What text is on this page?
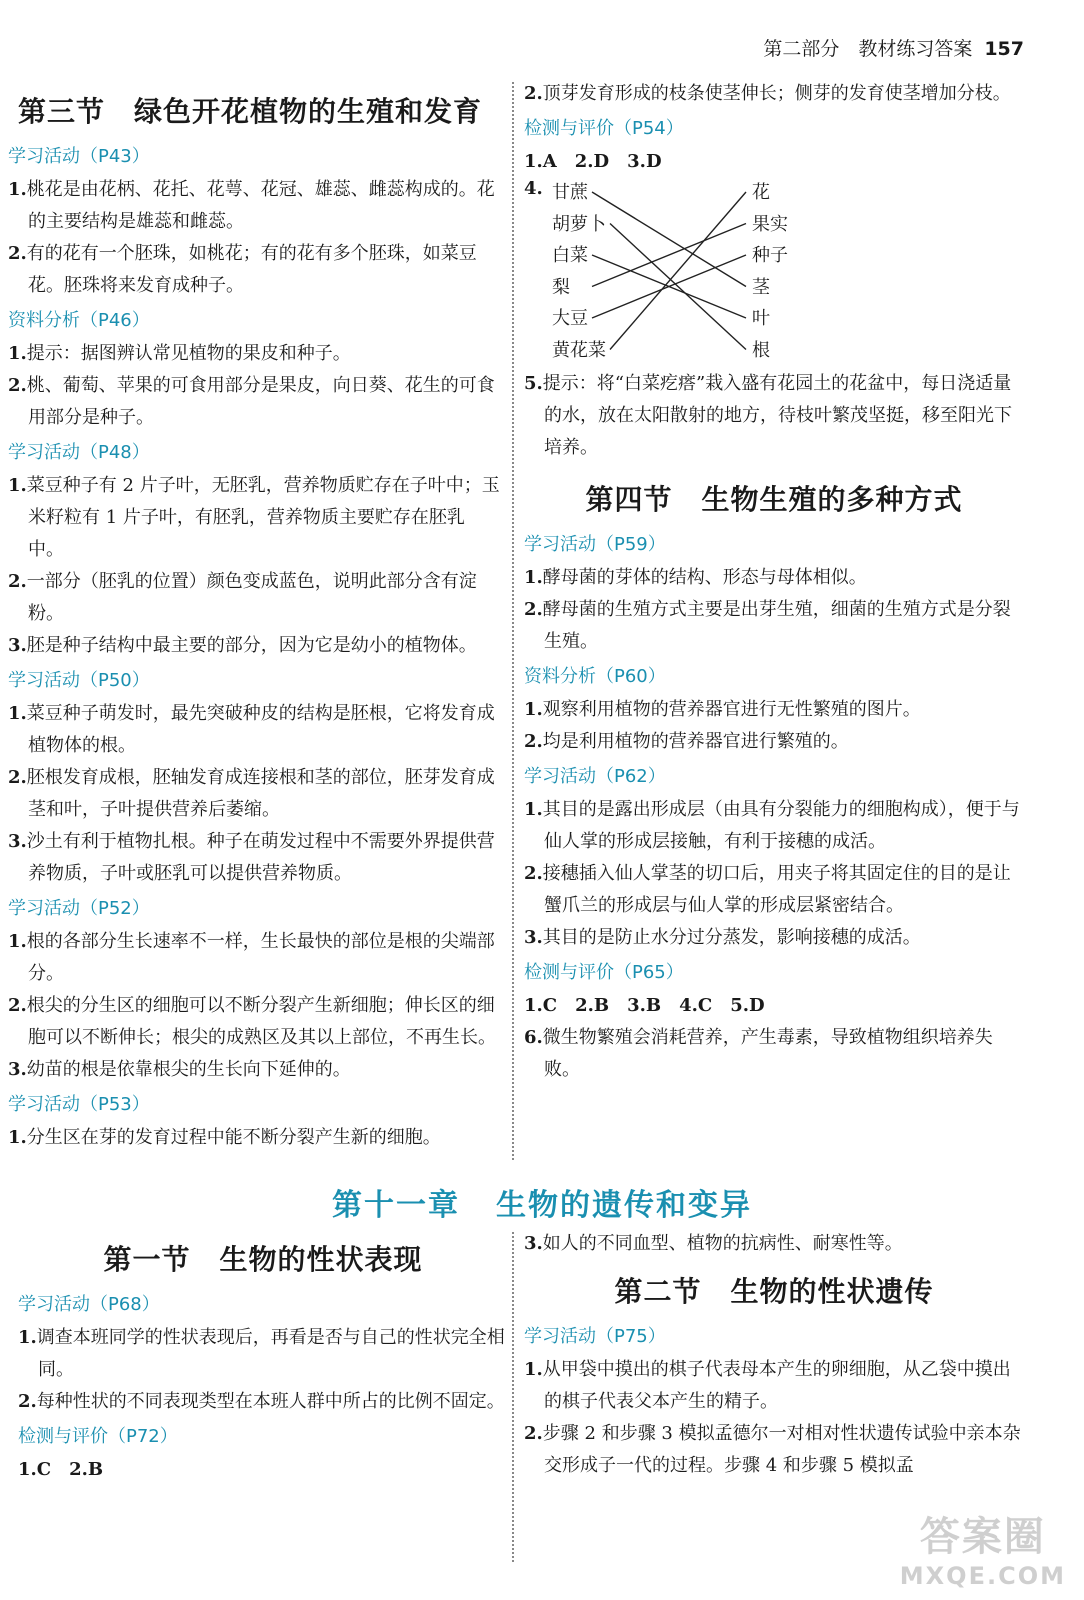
第二部分　教材练习答案 157
第三节　绿色开花植物的生殖和发育
学习活动（P43）

1.桃花是由花柄、花托、花萼、花冠、雄蕊、雌蕊构成的。花的主要结构是雄蕊和雌蕊。

2.有的花有一个胚珠，如桃花；有的花有多个胚珠，如菜豆花。胚珠将来发育成种子。

资料分析（P46）

1.提示：据图辨认常见植物的果皮和种子。

2.桃、葡萄、苹果的可食用部分是果皮，向日葵、花生的可食用部分是种子。

学习活动（P48）

1.菜豆种子有 2 片子叶，无胚乳，营养物质贮存在子叶中；玉米籽粒有 1 片子叶，有胚乳，营养物质主要贮存在胚乳中。

2.一部分（胚乳的位置）颜色变成蓝色，说明此部分含有淀粉。

3.胚是种子结构中最主要的部分，因为它是幼小的植物体。

学习活动（P50）

1.菜豆种子萌发时，最先突破种皮的结构是胚根，它将发育成植物体的根。

2.胚根发育成根，胚轴发育成连接根和茎的部位，胚芽发育成茎和叶，子叶提供营养后萎缩。

3.沙土有利于植物扎根。种子在萌发过程中不需要外界提供营养物质，子叶或胚乳可以提供营养物质。

学习活动（P52）

1.根的各部分生长速率不一样，生长最快的部位是根的尖端部分。

2.根尖的分生区的细胞可以不断分裂产生新细胞；伸长区的细胞可以不断伸长；根尖的成熟区及其以上部位，不再生长。

3.幼苗的根是依靠根尖的生长向下延伸的。

学习活动（P53）

1.分生区在芽的发育过程中能不断分裂产生新的细胞。

2.顶芽发育形成的枝条使茎伸长；侧芽的发育使茎增加分枝。

检测与评价（P54）

1.A　2.D　3.D

4. 甘蔗
胡萝卜
白菜
梨
大豆
黄花菜
花
果实
种子
茎
叶
根

5.提示：将“白菜疙瘩”栽入盛有花园土的花盆中，每日浇适量的水，放在太阳散射的地方，待枝叶繁茂坚挺，移至阳光下培养。

第四节　生物生殖的多种方式
学习活动（P59）

1.酵母菌的芽体的结构、形态与母体相似。

2.酵母菌的生殖方式主要是出芽生殖，细菌的生殖方式是分裂生殖。

资料分析（P60）

1.观察利用植物的营养器官进行无性繁殖的图片。

2.均是利用植物的营养器官进行繁殖的。

学习活动（P62）

1.其目的是露出形成层（由具有分裂能力的细胞构成），便于与仙人掌的形成层接触，有利于接穗的成活。

2.接穗插入仙人掌茎的切口后，用夹子将其固定住的目的是让蟹爪兰的形成层与仙人掌的形成层紧密结合。

3.其目的是防止水分过分蒸发，影响接穗的成活。

检测与评价（P65）

1.C　2.B　3.B　4.C　5.D

6.微生物繁殖会消耗营养，产生毒素，导致植物组织培养失败。

第十一章 生物的遗传和变异
第一节　生物的性状表现
学习活动（P68）

1.调查本班同学的性状表现后，再看是否与自己的性状完全相同。

2.每种性状的不同表现类型在本班人群中所占的比例不固定。

检测与评价（P72）

1.C　2.B

3.如人的不同血型、植物的抗病性、耐寒性等。

第二节　生物的性状遗传
学习活动（P75）

1.从甲袋中摸出的棋子代表母本产生的卵细胞，从乙袋中摸出的棋子代表父本产生的精子。

2.步骤 2 和步骤 3 模拟孟德尔一对相对性状遗传试验中亲本杂交形成子一代的过程。步骤 4 和步骤 5 模拟孟

答案圈
MXQE.COM
